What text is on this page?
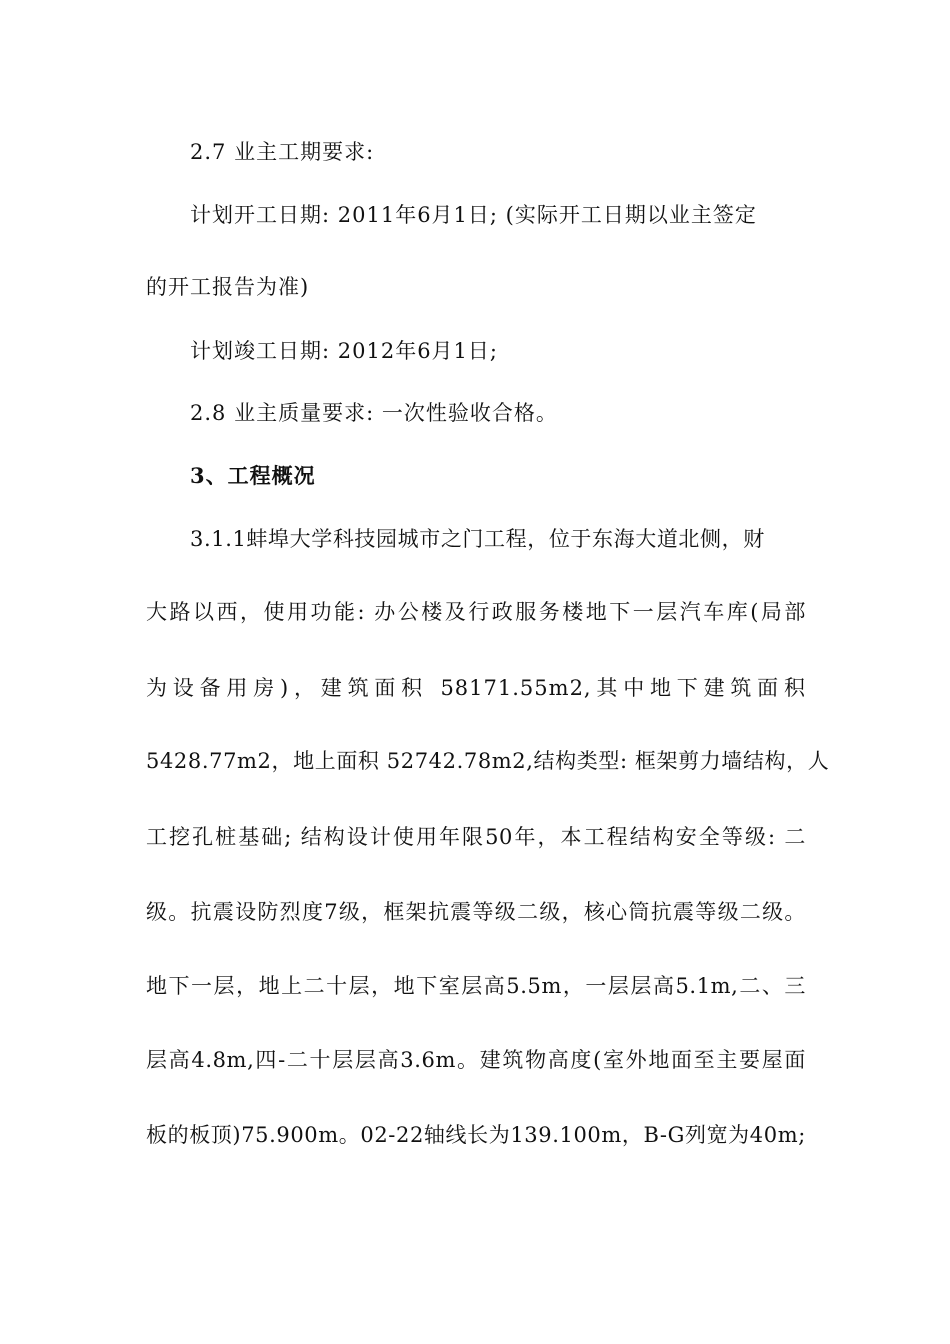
2.7 业主工期要求:
计划开工日期: 2011年6月1日; (实际开工日期以业主签定
的开工报告为准)
计划竣工日期: 2012年6月1日;
2.8 业主质量要求: 一次性验收合格。
3、工程概况
3.1.1蚌埠大学科技园城市之门工程，位于东海大道北侧，财
大路以西，使用功能: 办公楼及行政服务楼地下一层汽车库(局部
为设备用房)，建筑面积 58171.55m2,其中地下建筑面积
5428.77m2，地上面积 52742.78m2,结构类型: 框架剪力墙结构，人
工挖孔桩基础; 结构设计使用年限50年，本工程结构安全等级: 二
级。抗震设防烈度7级，框架抗震等级二级，核心筒抗震等级二级。
地下一层，地上二十层，地下室层高5.5m，一层层高5.1m,二、三
层高4.8m,四-二十层层高3.6m。建筑物高度(室外地面至主要屋面
板的板顶)75.900m。02-22轴线长为139.100m，B-G列宽为40m;
